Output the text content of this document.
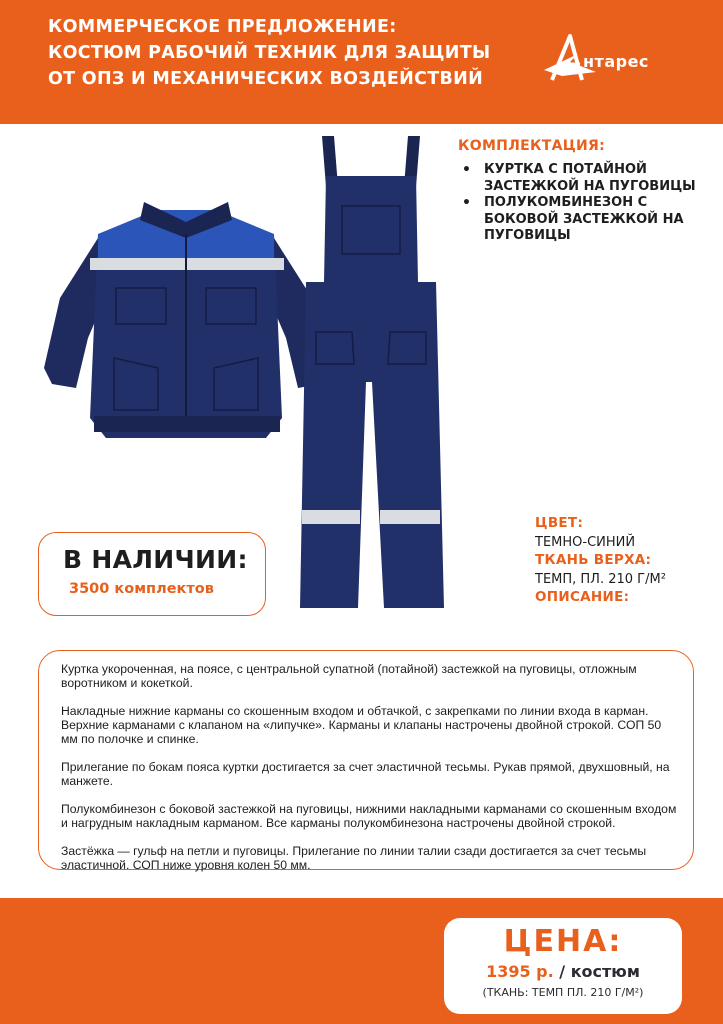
КОММЕРЧЕСКОЕ ПРЕДЛОЖЕНИЕ:
КОСТЮМ РАБОЧИЙ ТЕХНИК ДЛЯ ЗАЩИТЫ
ОТ ОПЗ И МЕХАНИЧЕСКИХ ВОЗДЕЙСТВИЙ
нтарес
КОМПЛЕКТАЦИЯ:
• КУРТКА С ПОТАЙНОЙ ЗАСТЕЖКОЙ НА ПУГОВИЦЫ
• ПОЛУКОМБИНЕЗОН С БОКОВОЙ ЗАСТЕЖКОЙ НА ПУГОВИЦЫ
В НАЛИЧИИ:
3500 комплектов
ЦВЕТ:
ТЕМНО-СИНИЙ
ТКАНЬ ВЕРХА:
ТЕМП, ПЛ. 210 Г/М²
ОПИСАНИЕ:

Куртка укороченная, на поясе, с центральной супатной (потайной) застежкой на пуговицы, отложным воротником и кокеткой.

Накладные нижние карманы со скошенным входом и обтачкой, с закрепками по линии входа в карман. Верхние карманами с клапаном на «липучке». Карманы и клапаны настрочены двойной строкой. СОП 50 мм по полочке и спинке.

Прилегание по бокам пояса куртки достигается за счет эластичной тесьмы. Рукав прямой, двухшовный, на манжете.

Полукомбинезон с боковой застежкой на пуговицы, нижними накладными карманами со скошенным входом и нагрудным накладным карманом. Все карманы полукомбинезона настрочены двойной строкой.

Застёжка — гульф на петли и пуговицы. Прилегание по линии талии сзади достигается за счет тесьмы эластичной. СОП ниже уровня колен 50 мм.

ЦЕНА:
1395 р. / костюм
(ТКАНЬ: ТЕМП ПЛ. 210 Г/М²)
